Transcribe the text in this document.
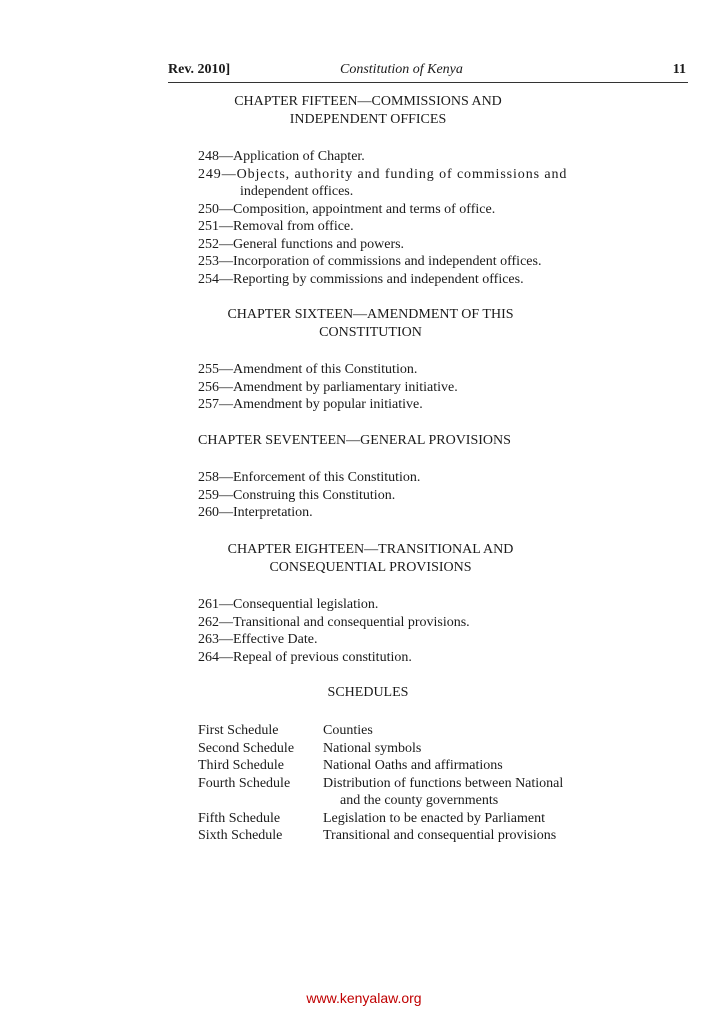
Rev. 2010]	Constitution of Kenya	11
CHAPTER FIFTEEN—COMMISSIONS AND
INDEPENDENT OFFICES
248—Application of Chapter.
249—Objects, authority and funding of commissions and
independent offices.
250—Composition, appointment and terms of office.
251—Removal from office.
252—General functions and powers.
253—Incorporation of commissions and independent offices.
254—Reporting by commissions and independent offices.
CHAPTER SIXTEEN—AMENDMENT OF THIS
CONSTITUTION
255—Amendment of this Constitution.
256—Amendment by parliamentary initiative.
257—Amendment by popular initiative.
CHAPTER SEVENTEEN—GENERAL PROVISIONS
258—Enforcement of this Constitution.
259—Construing this Constitution.
260—Interpretation.
CHAPTER EIGHTEEN—TRANSITIONAL AND
CONSEQUENTIAL PROVISIONS
261—Consequential legislation.
262—Transitional and consequential provisions.
263—Effective Date.
264—Repeal of previous constitution.
SCHEDULES
First Schedule	Counties
Second Schedule National symbols
Third Schedule	National Oaths and affirmations
Fourth Schedule Distribution of functions between National
and the county governments
Fifth Schedule	Legislation to be enacted by Parliament
Sixth Schedule	Transitional and consequential provisions
www.kenyalaw.org
